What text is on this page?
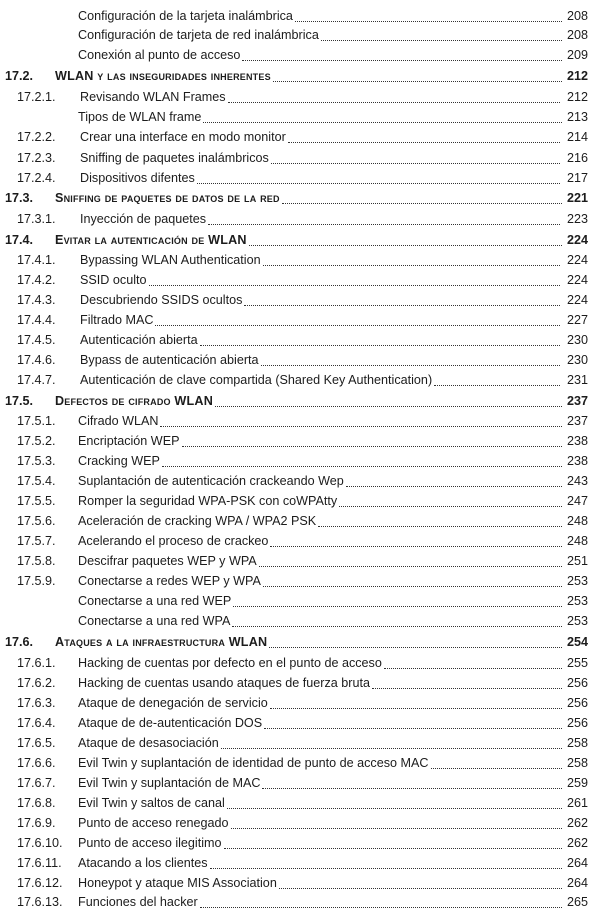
Configuración de la tarjeta inalámbrica	208
Configuración de tarjeta de red inalámbrica	208
Conexión al punto de acceso	209
17.2. WLAN y las inseguridades inherentes	212
17.2.1. Revisando WLAN Frames	212
Tipos de WLAN frame	213
17.2.2. Crear una interface en modo monitor	214
17.2.3. Sniffing de paquetes inalámbricos	216
17.2.4. Dispositivos difentes	217
17.3. Sniffing de paquetes de datos de la red	221
17.3.1. Inyección de paquetes	223
17.4. Evitar la autenticación de WLAN	224
17.4.1. Bypassing WLAN Authentication	224
17.4.2. SSID oculto	224
17.4.3. Descubriendo SSIDS ocultos	224
17.4.4. Filtrado MAC	227
17.4.5. Autenticación abierta	230
17.4.6. Bypass de autenticación abierta	230
17.4.7. Autenticación de clave compartida (Shared Key Authentication)	231
17.5. Defectos de cifrado WLAN	237
17.5.1. Cifrado WLAN	237
17.5.2. Encriptación WEP	238
17.5.3. Cracking WEP	238
17.5.4. Suplantación de autenticación crackeando Wep	243
17.5.5. Romper la seguridad WPA-PSK con coWPAtty	247
17.5.6. Aceleración de cracking WPA / WPA2 PSK	248
17.5.7. Acelerando el proceso de crackeo	248
17.5.8. Descifrar paquetes WEP y WPA	251
17.5.9. Conectarse a redes WEP y WPA	253
Conectarse a una red WEP	253
Conectarse a una red WPA	253
17.6. Ataques a la infraestructura WLAN	254
17.6.1. Hacking de cuentas por defecto en el punto de acceso	255
17.6.2. Hacking de cuentas usando ataques de fuerza bruta	256
17.6.3. Ataque de denegación de servicio	256
17.6.4. Ataque de de-autenticación DOS	256
17.6.5. Ataque de desasociación	258
17.6.6. Evil Twin y suplantación de identidad de punto de acceso MAC	258
17.6.7. Evil Twin y suplantación de MAC	259
17.6.8. Evil Twin y saltos de canal	261
17.6.9. Punto de acceso renegado	262
17.6.10. Punto de acceso ilegitimo	262
17.6.11. Atacando a los clientes	264
17.6.12. Honeypot y ataque MIS Association	264
17.6.13. Funciones del hacker	265
